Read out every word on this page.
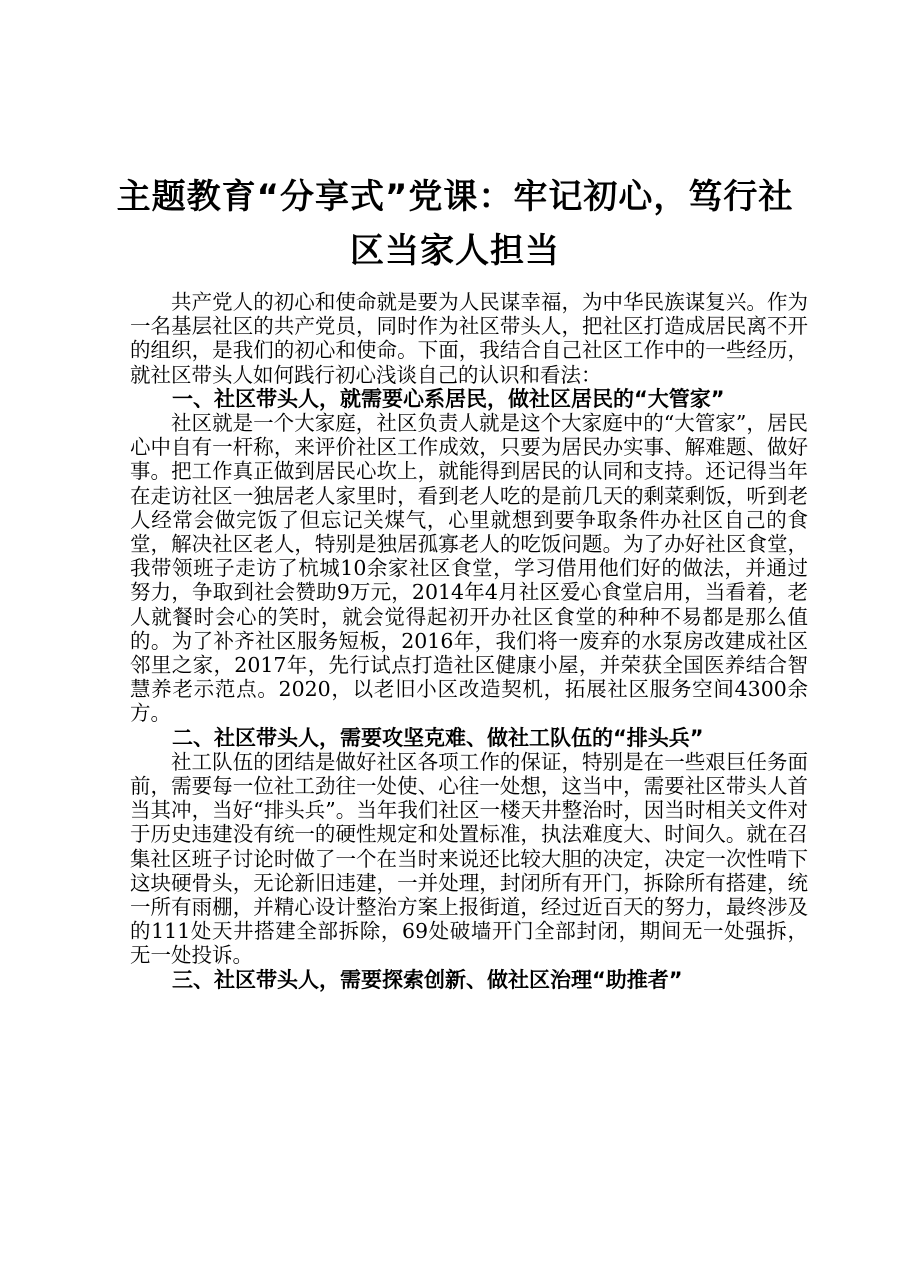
主题教育“分享式”党课：牢记初心，笃行社区当家人担当

共产党人的初心和使命就是要为人民谋幸福，为中华民族谋复兴。作为一名基层社区的共产党员，同时作为社区带头人，把社区打造成居民离不开的组织，是我们的初心和使命。下面，我结合自己社区工作中的一些经历，就社区带头人如何践行初心浅谈自己的认识和看法：

一、社区带头人，就需要心系居民，做社区居民的“大管家”

社区就是一个大家庭，社区负责人就是这个大家庭中的“大管家”，居民心中自有一杆称，来评价社区工作成效，只要为居民办实事、解难题、做好事。把工作真正做到居民心坎上，就能得到居民的认同和支持。还记得当年在走访社区一独居老人家里时，看到老人吃的是前几天的剩菜剩饭，听到老人经常会做完饭了但忘记关煤气，心里就想到要争取条件办社区自己的食堂，解决社区老人，特别是独居孤寡老人的吃饭问题。为了办好社区食堂，我带领班子走访了杭城10余家社区食堂，学习借用他们好的做法，并通过努力，争取到社会赞助9万元，2014年4月社区爱心食堂启用，当看着，老人就餐时会心的笑时，就会觉得起初开办社区食堂的种种不易都是那么值的。为了补齐社区服务短板，2016年，我们将一废弃的水泵房改建成社区邻里之家，2017年，先行试点打造社区健康小屋，并荣获全国医养结合智慧养老示范点。2020，以老旧小区改造契机，拓展社区服务空间4300余方。

二、社区带头人，需要攻坚克难、做社工队伍的“排头兵”

社工队伍的团结是做好社区各项工作的保证，特别是在一些艰巨任务面前，需要每一位社工劲往一处使、心往一处想，这当中，需要社区带头人首当其冲，当好“排头兵”。当年我们社区一楼天井整治时，因当时相关文件对于历史违建没有统一的硬性规定和处置标准，执法难度大、时间久。就在召集社区班子讨论时做了一个在当时来说还比较大胆的决定，决定一次性啃下这块硬骨头，无论新旧违建，一并处理，封闭所有开门，拆除所有搭建，统一所有雨棚，并精心设计整治方案上报街道，经过近百天的努力，最终涉及的111处天井搭建全部拆除，69处破墙开门全部封闭，期间无一处强拆，无一处投诉。

三、社区带头人，需要探索创新、做社区治理“助推者”
